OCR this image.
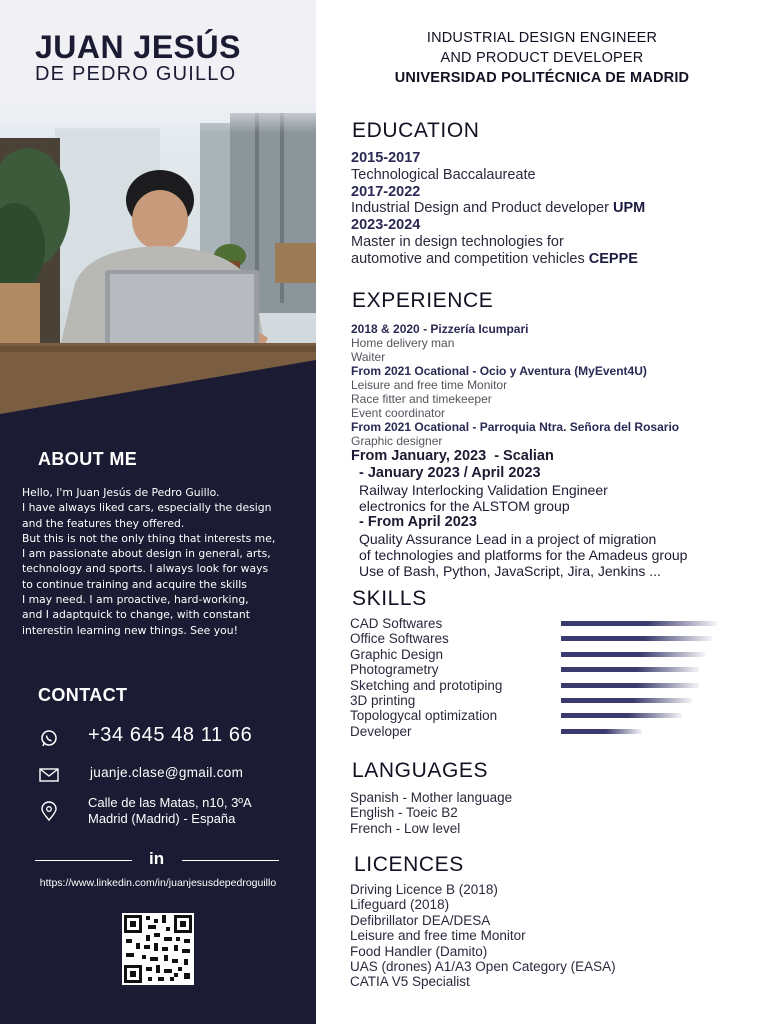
JUAN JESÚS
DE PEDRO GUILLO
ABOUT ME
Hello, I'm Juan Jesús de Pedro Guillo.
I have always liked cars, especially the design
and the features they offered.
But this is not the only thing that interests me,
I am passionate about design in general, arts,
technology and sports. I always look for ways
to continue training and acquire the skills
I may need. I am proactive, hard-working,
and I adaptquick to change, with constant
interestin learning new things. See you!
CONTACT
+34 645 48 11 66
juanje.clase@gmail.com
Calle de las Matas, n10, 3ºA
Madrid (Madrid) - España
in
https://www.linkedin.com/in/juanjesusdepedroguillo
INDUSTRIAL DESIGN ENGINEER
AND PRODUCT DEVELOPER
UNIVERSIDAD POLITÉCNICA DE MADRID
EDUCATION
2015-2017
Technological Baccalaureate
2017-2022
Industrial Design and Product developer UPM
2023-2024
Master in design technologies for
automotive and competition vehicles CEPPE
EXPERIENCE
2018 & 2020 - Pizzería Icumpari
Home delivery man
Waiter
From 2021 Ocational - Ocio y Aventura (MyEvent4U)
Leisure and free time Monitor
Race fitter and timekeeper
Event coordinator
From 2021 Ocational - Parroquia Ntra. Señora del Rosario
Graphic designer
From January, 2023  - Scalian
- January 2023 / April 2023
Railway Interlocking Validation Engineer
electronics for the ALSTOM group
- From April 2023
Quality Assurance Lead in a project of migration
of technologies and platforms for the Amadeus group
Use of Bash, Python, JavaScript, Jira, Jenkins ...
SKILLS
CAD Softwares
Office Softwares
Graphic Design
Photogrametry
Sketching and prototiping
3D printing
Topologycal optimization
Developer
LANGUAGES
Spanish - Mother language
English - Toeic B2
French - Low level
LICENCES
Driving Licence B (2018)
Lifeguard (2018)
Defibrillator DEA/DESA
Leisure and free time Monitor
Food Handler (Damito)
UAS (drones) A1/A3 Open Category (EASA)
CATIA V5 Specialist
